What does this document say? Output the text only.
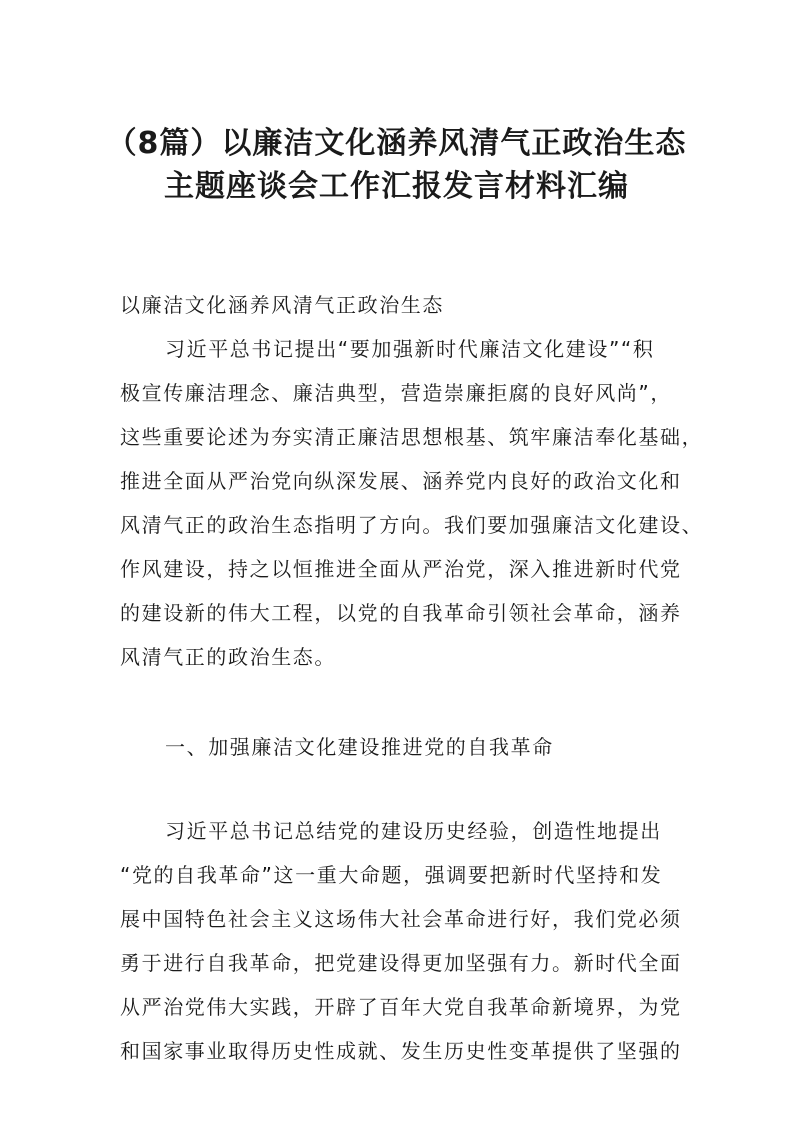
（8篇）以廉洁文化涵养风清气正政治生态
主题座谈会工作汇报发言材料汇编
以廉洁文化涵养风清气正政治生态
习近平总书记提出“要加强新时代廉洁文化建设”“积
极宣传廉洁理念、廉洁典型，营造崇廉拒腐的良好风尚”，
这些重要论述为夯实清正廉洁思想根基、筑牢廉洁奉化基础，
推进全面从严治党向纵深发展、涵养党内良好的政治文化和
风清气正的政治生态指明了方向。我们要加强廉洁文化建设、
作风建设，持之以恒推进全面从严治党，深入推进新时代党
的建设新的伟大工程，以党的自我革命引领社会革命，涵养
风清气正的政治生态。
一、加强廉洁文化建设推进党的自我革命
习近平总书记总结党的建设历史经验，创造性地提出
“党的自我革命”这一重大命题，强调要把新时代坚持和发
展中国特色社会主义这场伟大社会革命进行好，我们党必须
勇于进行自我革命，把党建设得更加坚强有力。新时代全面
从严治党伟大实践，开辟了百年大党自我革命新境界，为党
和国家事业取得历史性成就、发生历史性变革提供了坚强的
